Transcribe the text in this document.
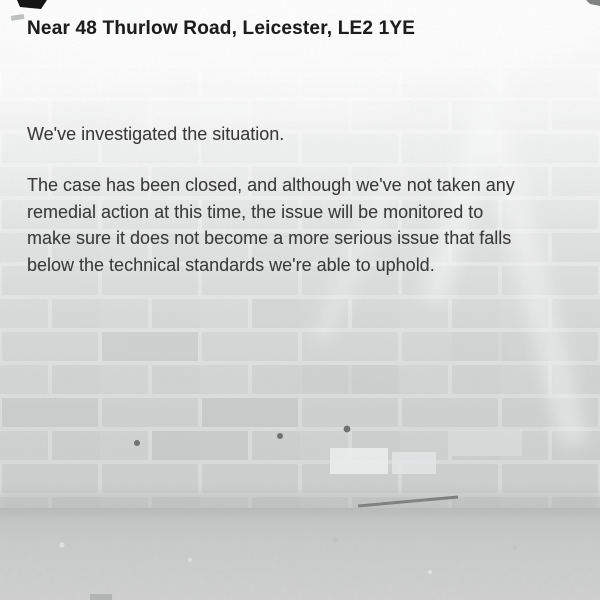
Near 48 Thurlow Road, Leicester, LE2 1YE

We've investigated the situation.

The case has been closed, and although we've not taken any
remedial action at this time, the issue will be monitored to
make sure it does not become a more serious issue that falls
below the technical standards we're able to uphold.
